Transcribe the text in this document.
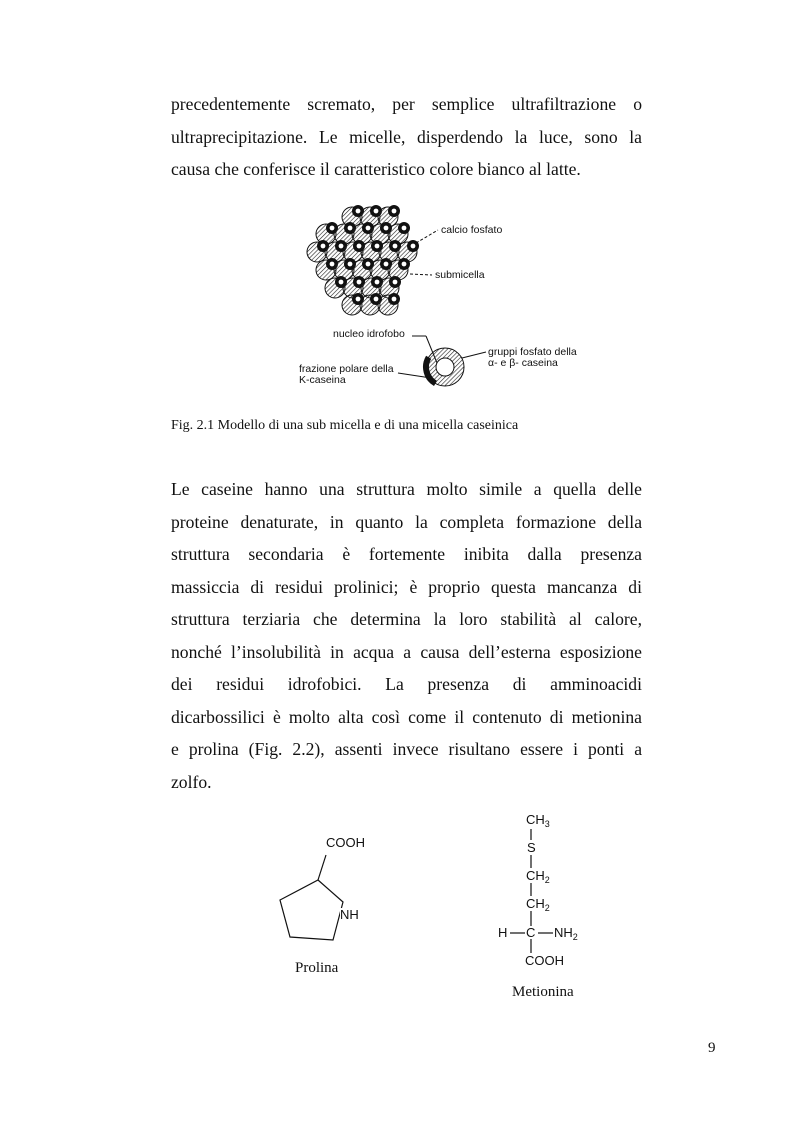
precedentemente scremato, per semplice ultrafiltrazione o
ultraprecipitazione. Le micelle, disperdendo la luce, sono la
causa che conferisce il caratteristico colore bianco al latte.
calcio fosfato
submicella
nucleo idrofobo
frazione polare della
K-caseina
gruppi fosfato della
α- e β- caseina

Fig. 2.1 Modello di una sub micella e di una micella caseinica

Le caseine hanno una struttura molto simile a quella delle
proteine denaturate, in quanto la completa formazione della
struttura secondaria è fortemente inibita dalla presenza
massiccia di residui prolinici; è proprio questa mancanza di
struttura terziaria che determina la loro stabilità al calore,
nonché l’insolubilità in acqua a causa dell’esterna esposizione
dei residui idrofobici. La presenza di amminoacidi
dicarbossilici è molto alta così come il contenuto di metionina
e prolina (Fig. 2.2), assenti invece risultano essere i ponti a
zolfo.
COOH
NH
Prolina
$CH_3$
S
$CH_2$
$CH_2$
H C $NH_2$
COOH
Metionina
9
